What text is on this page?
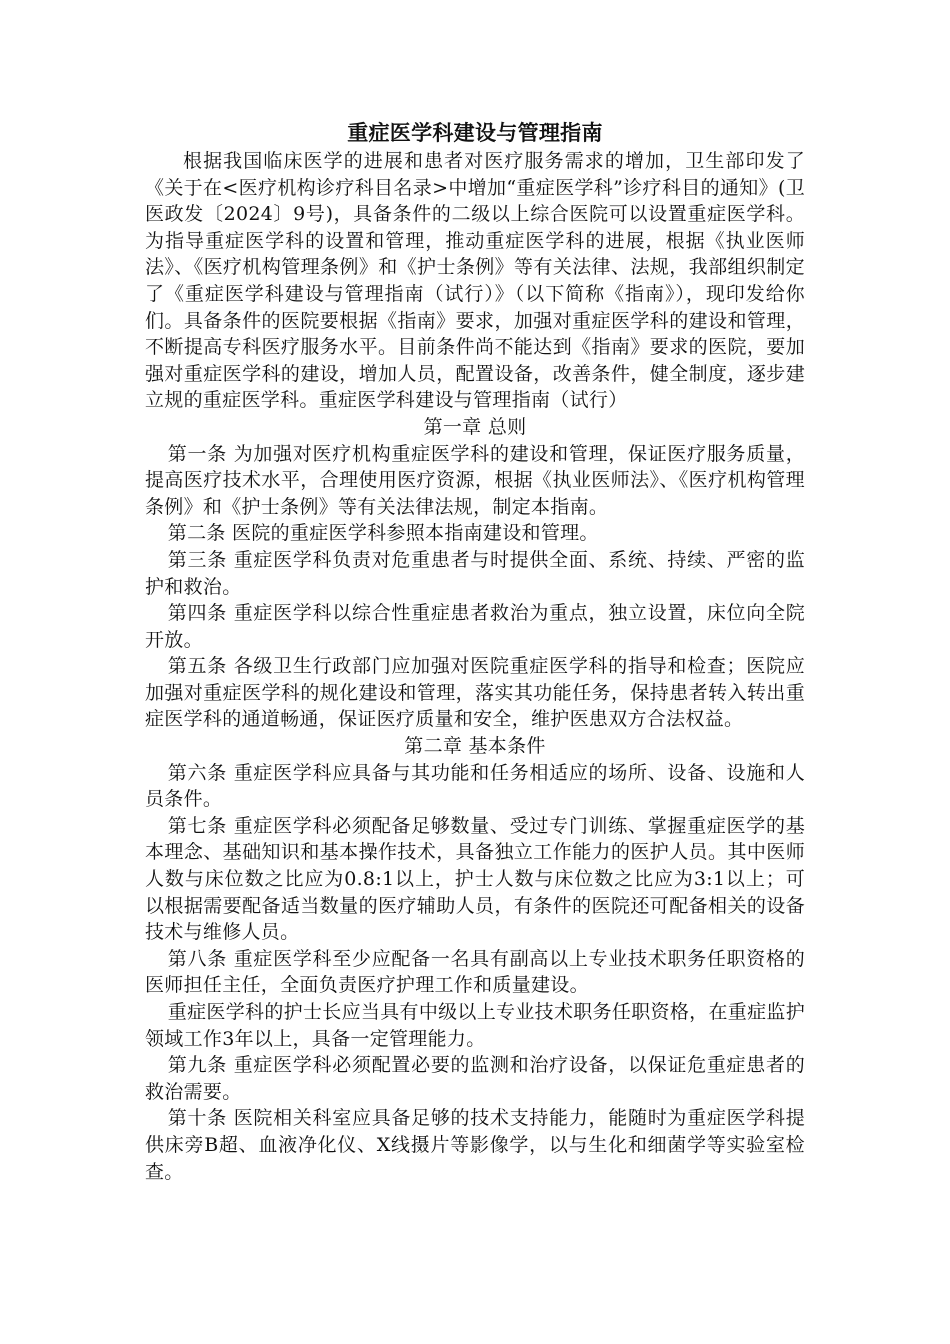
重症医学科建设与管理指南

根据我国临床医学的进展和患者对医疗服务需求的增加，卫生部印发了《关于在<医疗机构诊疗科目名录>中增加“重症医学科”诊疗科目的通知》(卫医政发〔2024〕9号)，具备条件的二级以上综合医院可以设置重症医学科。为指导重症医学科的设置和管理，推动重症医学科的进展，根据《执业医师法》、《医疗机构管理条例》和《护士条例》等有关法律、法规，我部组织制定了《重症医学科建设与管理指南（试行）》（以下简称《指南》），现印发给你们。具备条件的医院要根据《指南》要求，加强对重症医学科的建设和管理，不断提高专科医疗服务水平。目前条件尚不能达到《指南》要求的医院，要加强对重症医学科的建设，增加人员，配置设备，改善条件，健全制度，逐步建立规的重症医学科。重症医学科建设与管理指南（试行）

第一章 总则

第一条 为加强对医疗机构重症医学科的建设和管理，保证医疗服务质量，提高医疗技术水平，合理使用医疗资源，根据《执业医师法》、《医疗机构管理条例》和《护士条例》等有关法律法规，制定本指南。

第二条 医院的重症医学科参照本指南建设和管理。

第三条 重症医学科负责对危重患者与时提供全面、系统、持续、严密的监护和救治。

第四条 重症医学科以综合性重症患者救治为重点，独立设置，床位向全院开放。

第五条 各级卫生行政部门应加强对医院重症医学科的指导和检查；医院应加强对重症医学科的规化建设和管理，落实其功能任务，保持患者转入转出重症医学科的通道畅通，保证医疗质量和安全，维护医患双方合法权益。

第二章 基本条件

第六条 重症医学科应具备与其功能和任务相适应的场所、设备、设施和人员条件。

第七条 重症医学科必须配备足够数量、受过专门训练、掌握重症医学的基本理念、基础知识和基本操作技术，具备独立工作能力的医护人员。其中医师人数与床位数之比应为0.8:1以上，护士人数与床位数之比应为3:1以上；可以根据需要配备适当数量的医疗辅助人员，有条件的医院还可配备相关的设备技术与维修人员。

第八条 重症医学科至少应配备一名具有副高以上专业技术职务任职资格的医师担任主任，全面负责医疗护理工作和质量建设。

重症医学科的护士长应当具有中级以上专业技术职务任职资格，在重症监护领域工作3年以上，具备一定管理能力。

第九条 重症医学科必须配置必要的监测和治疗设备，以保证危重症患者的救治需要。

第十条 医院相关科室应具备足够的技术支持能力，能随时为重症医学科提供床旁B超、血液净化仪、X线摄片等影像学，以与生化和细菌学等实验室检查。
